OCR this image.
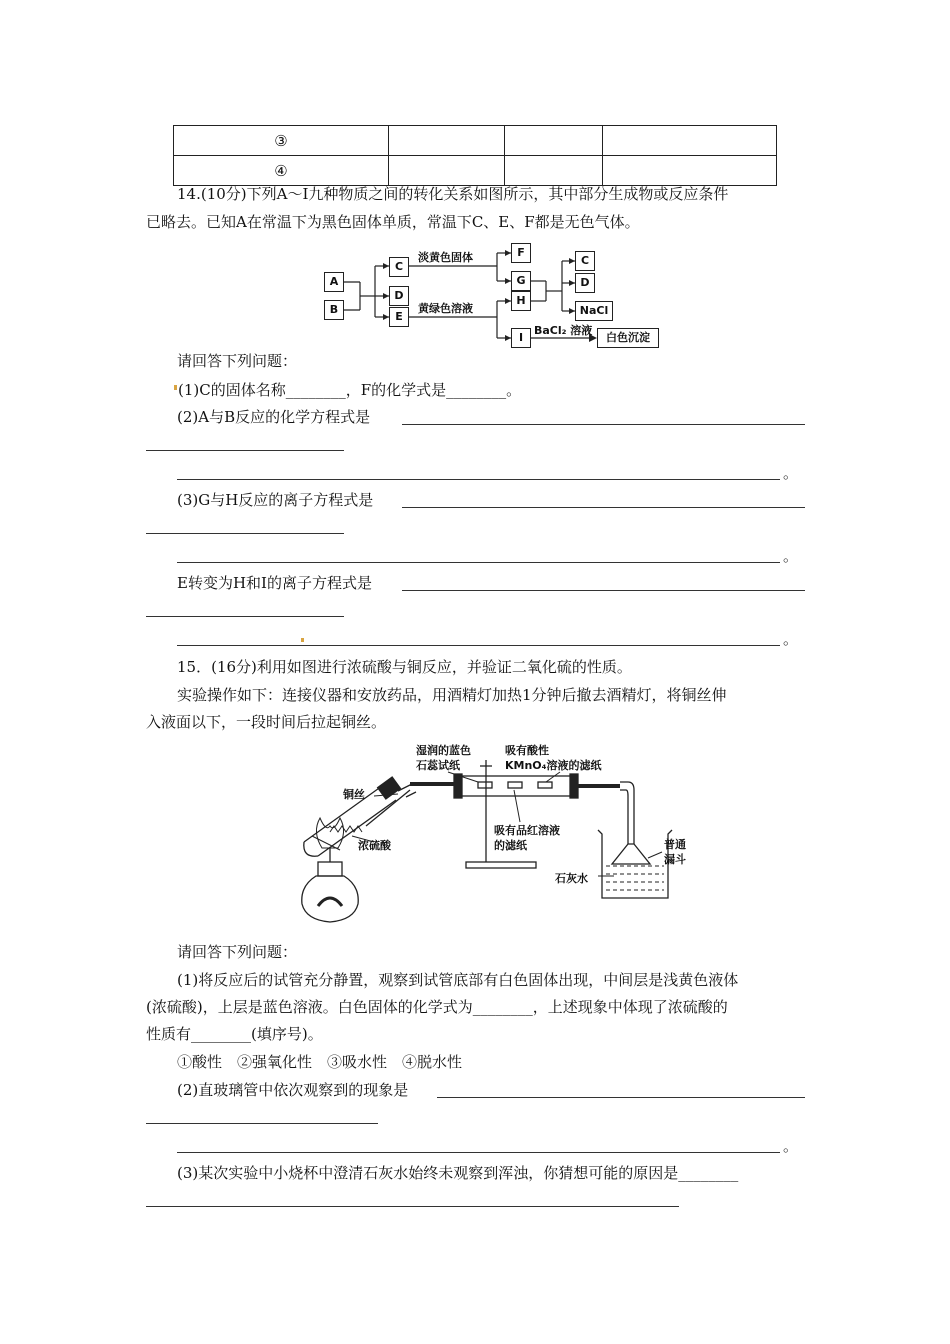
③			
④			
14.(10分)下列A～I九种物质之间的转化关系如图所示，其中部分生成物或反应条件
已略去。已知A在常温下为黑色固体单质，常温下C、E、F都是无色气体。
A
B
C
D
E
F
G
H
I
C
D
NaCl
白色沉淀
淡黄色固体
黄绿色溶液
BaCl₂ 溶液
请回答下列问题：
(1)C的固体名称________，F的化学式是________。
(2)A与B反应的化学方程式是
。
(3)G与H反应的离子方程式是
。
E转变为H和I的离子方程式是
。
15．(16分)利用如图进行浓硫酸与铜反应，并验证二氧化硫的性质。
实验操作如下：连接仪器和安放药品，用酒精灯加热1分钟后撤去酒精灯，将铜丝伸
入液面以下，一段时间后拉起铜丝。
湿润的蓝色
石蕊试纸
吸有酸性
KMnO₄溶液的滤纸
铜丝
浓硫酸
吸有品红溶液
的滤纸	普通
漏斗
石灰水
请回答下列问题：
(1)将反应后的试管充分静置，观察到试管底部有白色固体出现，中间层是浅黄色液体
(浓硫酸)，上层是蓝色溶液。白色固体的化学式为________，上述现象中体现了浓硫酸的
性质有________(填序号)。
①酸性　②强氧化性　③吸水性　④脱水性
(2)直玻璃管中依次观察到的现象是
。
(3)某次实验中小烧杯中澄清石灰水始终未观察到浑浊，你猜想可能的原因是________
